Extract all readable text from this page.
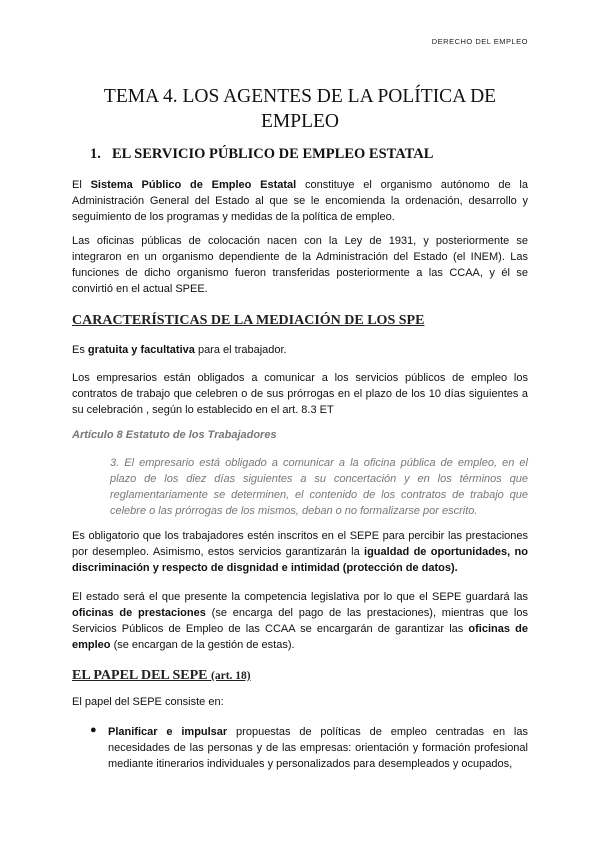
DERECHO DEL EMPLEO
TEMA 4. LOS AGENTES DE LA POLÍTICA DE EMPLEO
1. EL SERVICIO PÚBLICO DE EMPLEO ESTATAL
El Sistema Público de Empleo Estatal constituye el organismo autónomo de la Administración General del Estado al que se le encomienda la ordenación, desarrollo y seguimiento de los programas y medidas de la política de empleo.
Las oficinas públicas de colocación nacen con la Ley de 1931, y posteriormente se integraron en un organismo dependiente de la Administración del Estado (el INEM). Las funciones de dicho organismo fueron transferidas posteriormente a las CCAA, y él se convirtió en el actual SPEE.
CARACTERÍSTICAS DE LA MEDIACIÓN DE LOS SPE
Es gratuita y facultativa para el trabajador.
Los empresarios están obligados a comunicar a los servicios públicos de empleo los contratos de trabajo que celebren o de sus prórrogas en el plazo de los 10 días siguientes a su celebración , según lo establecido en el art. 8.3 ET
Artículo 8 Estatuto de los Trabajadores
3. El empresario está obligado a comunicar a la oficina pública de empleo, en el plazo de los diez días siguientes a su concertación y en los términos que reglamentariamente se determinen, el contenido de los contratos de trabajo que celebre o las prórrogas de los mismos, deban o no formalizarse por escrito.
Es obligatorio que los trabajadores estén inscritos en el SEPE para percibir las prestaciones por desempleo. Asimismo, estos servicios garantizarán la igualdad de oportunidades, no discriminación y respecto de disgnidad e intimidad (protección de datos).
El estado será el que presente la competencia legislativa por lo que el SEPE guardará las oficinas de prestaciones (se encarga del pago de las prestaciones), mientras que los Servicios Públicos de Empleo de las CCAA se encargarán de garantizar las oficinas de empleo (se encargan de la gestión de estas).
EL PAPEL DEL SEPE (art. 18)
El papel del SEPE consiste en:
● Planificar e impulsar propuestas de políticas de empleo centradas en las necesidades de las personas y de las empresas: orientación y formación profesional mediante itinerarios individuales y personalizados para desempleados y ocupados,
